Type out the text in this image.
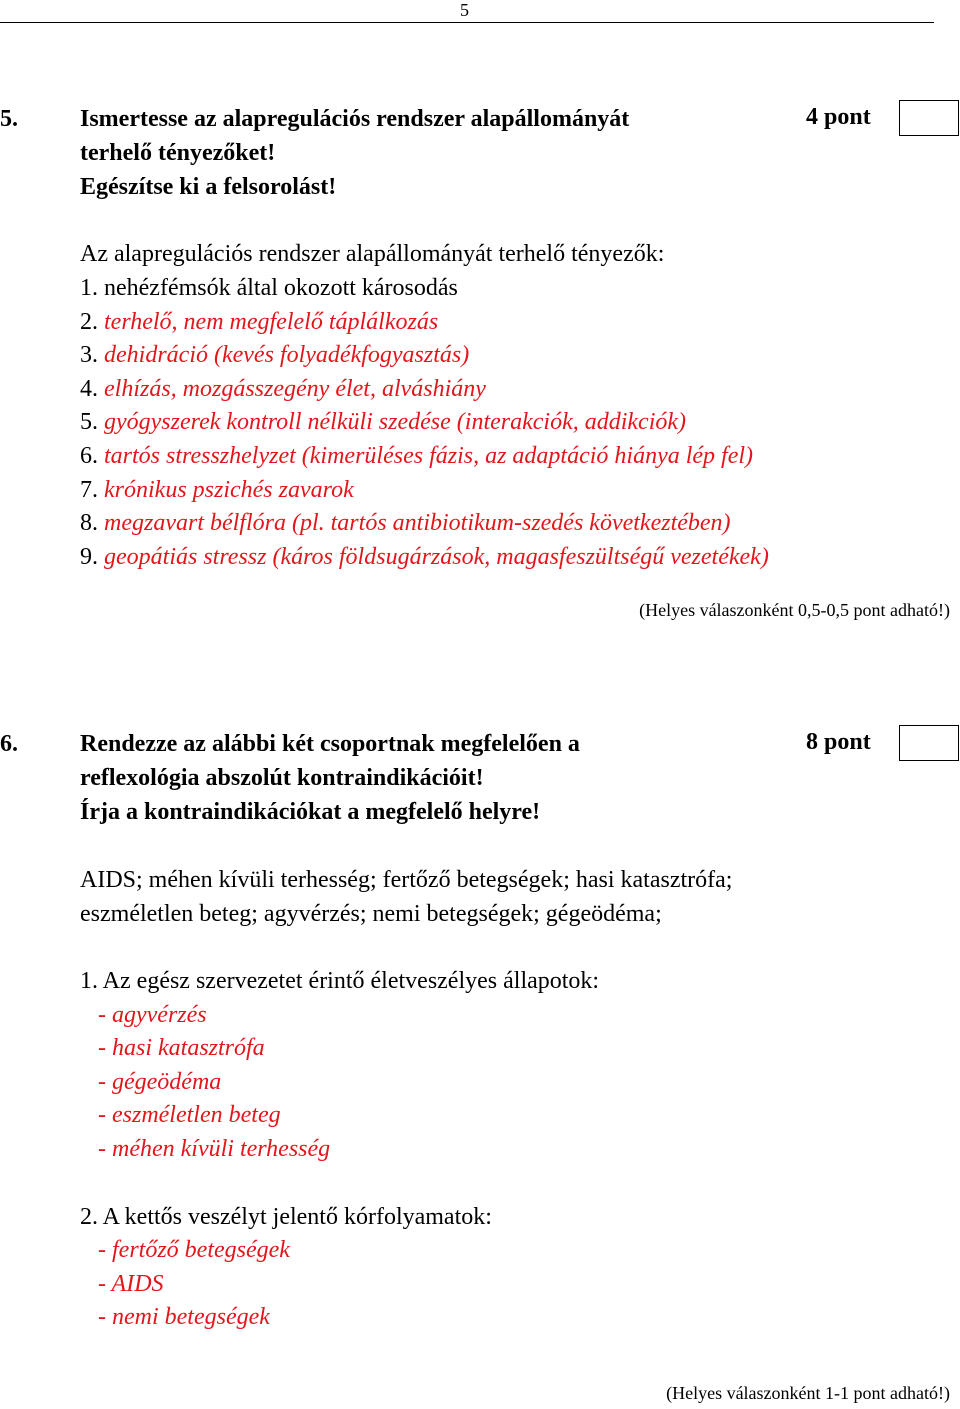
5
5.	Ismertesse az alapregulációs rendszer alapállományát
terhelő tényezőket!
Egészítse ki a felsorolást!
4 pont
Az alapregulációs rendszer alapállományát terhelő tényezők:
1. nehézfémsók által okozott károsodás
2. terhelő, nem megfelelő táplálkozás
3. dehidráció (kevés folyadékfogyasztás)
4. elhízás, mozgásszegény élet, alváshiány
5. gyógyszerek kontroll nélküli szedése (interakciók, addikciók)
6. tartós stresszhelyzet (kimerüléses fázis, az adaptáció hiánya lép fel)
7. krónikus pszichés zavarok
8. megzavart bélflóra (pl. tartós antibiotikum-szedés következtében)
9. geopátiás stressz (káros földsugárzások, magasfeszültségű vezetékek)
(Helyes válaszonként 0,5-0,5 pont adható!)
6.	Rendezze az alábbi két csoportnak megfelelően a
reflexológia abszolút kontraindikációit!
Írja a kontraindikációkat a megfelelő helyre!
8 pont
AIDS; méhen kívüli terhesség; fertőző betegségek; hasi katasztrófa;
eszméletlen beteg; agyvérzés; nemi betegségek; gégeödéma;
1. Az egész szervezetet érintő életveszélyes állapotok:
- agyvérzés
- hasi katasztrófa
- gégeödéma
- eszméletlen beteg
- méhen kívüli terhesség
2. A kettős veszélyt jelentő kórfolyamatok:
- fertőző betegségek
- AIDS
- nemi betegségek
(Helyes válaszonként 1-1 pont adható!)
